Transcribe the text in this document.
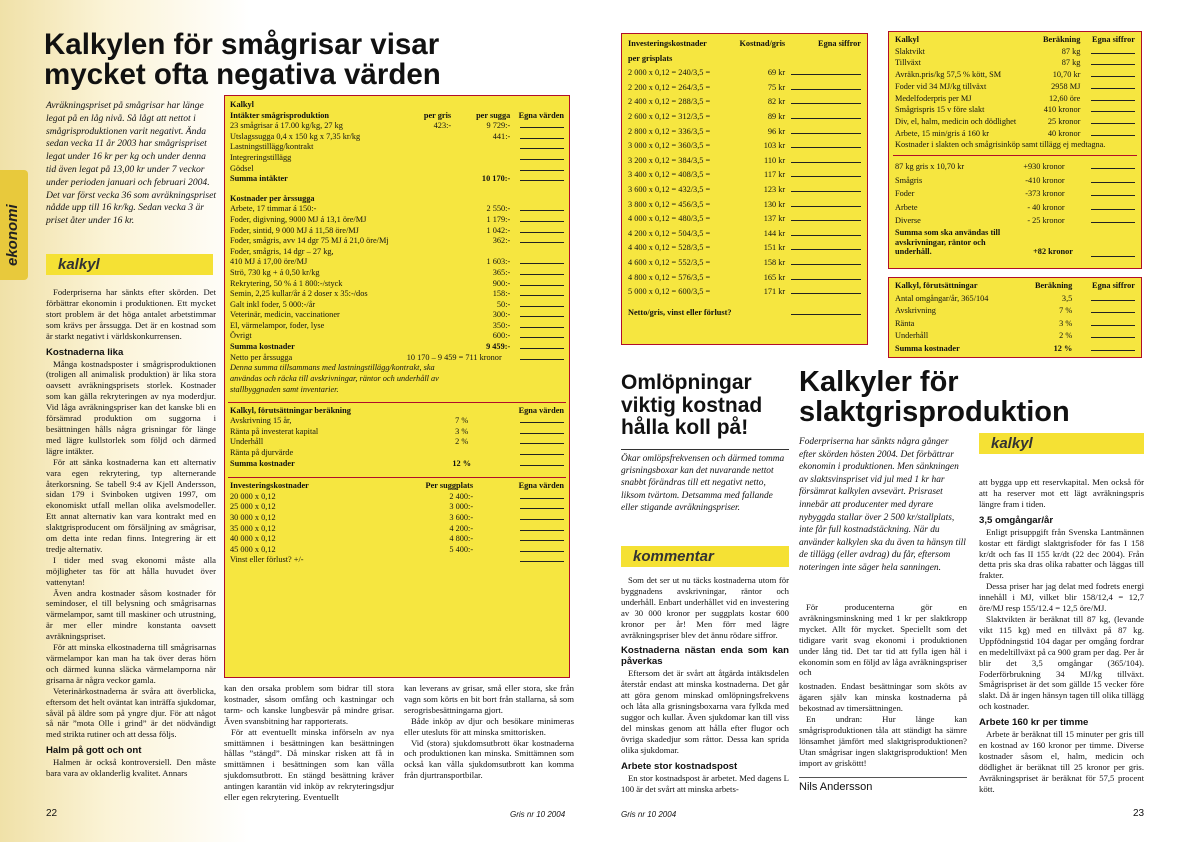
ekonomi
Kalkylen för smågrisar visar
mycket ofta negativa värden
Avräkningspriset på smågrisar har länge legat på en låg nivå. Så lågt att nettot i smågrisproduktionen varit negativt. Ända sedan vecka 11 år 2003 har smågrispriset legat under 16 kr per kg och under denna tid även legat på 13,00 kr under 7 veckor under perioden januari och februari 2004. Det var först vecka 36 som avräkningspriset nådde upp till 16 kr/kg. Sedan vecka 3 är priset åter under 16 kr.
kalkyl

Foderpriserna har sänkts efter skörden. Det förbättrar ekonomin i produktionen. Ett mycket stort problem är det höga antalet arbetstimmar som krävs per årssugga. Det är en kostnad som är starkt negativt i världskonkurrensen.

Kostnaderna lika

Många kostnadsposter i smågrisproduktionen (troligen all animalisk produktion) är lika stora oavsett avräkningsprisets storlek. Kostnader som kan gälla rekryteringen av nya moderdjur. Vid låga avräkningspriser kan det kanske bli en försämrad produktion om suggorna i besättningen hålls några grisningar för länge med lägre kullstorlek som följd och därmed lägre intäkter.

För att sänka kostnaderna kan ett alternativ vara egen rekrytering, typ alternerande återkorsning. Se tabell 9:4 av Kjell Andersson, sidan 179 i Svinboken utgiven 1997, om ekonomiskt utfall mellan olika avelsmodeller. Ett annat alternativ kan vara kontrakt med en slaktgrisproducent om försäljning av smågrisar, om detta inte redan finns. Integrering är ett tredje alternativ.

I tider med svag ekonomi måste alla möjligheter tas för att hålla huvudet över vattenytan!

Även andra kostnader såsom kostnader för semindoser, el till belysning och smågrisarnas värmelampor, samt till maskiner och utrustning, är mer eller mindre konstanta oavsett avräkningspriset.

För att minska elkostnaderna till smågrisarnas värmelampor kan man ha tak över deras hörn och därmed kunna släcka värmelamporna när grisarna är några veckor gamla.

Veterinärkostnaderna är svåra att överblicka, eftersom det helt oväntat kan inträffa sjukdomar, såväl på äldre som på yngre djur. För att något så när ”mota Olle i grind” är det nödvändigt med strikta rutiner och att dessa följs.

Halm på gott och ont

Halmen är också kontroversiell. Den måste bara vara av oklanderlig kvalitet. Annars

Kalkyl			
Intäkter smågrisproduktion	per gris	per sugga	Egna värden
23 smågrisar á 17.00 kg/kg, 27 kg	423:-	9 729:-	
Utslagssugga 0,4 x 150 kg x 7,35 kr/kg		441:-	
Lastningstillägg/kontrakt			
Integreringstillägg			
Gödsel			
Summa intäkter		10 170:-	

Kostnader per årssugga			
Arbete, 17 timmar á 150:-		2 550:-	
Foder, digivning, 9000 MJ á 13,1 öre/MJ		1 179:-	
Foder, sintid, 9 000 MJ á 11,58 öre/MJ		1 042:-	
Foder, smågris, avv 14 dgr 75 MJ á 21,0 öre/Mj		362:-	
Foder, smågris, 14 dgr – 27 kg,			
410 MJ á 17,00 öre/MJ		1 603:-	
Strö, 730 kg + á 0,50 kr/kg		365:-	
Rekrytering, 50 % á 1 800:-/styck		900:-	
Semin, 2,25 kullar/år á 2 doser x 35:-/dos		158:-	
Galt inkl foder, 5 000:-/år		50:-	
Veterinär, medicin, vaccinationer		300:-	
El, värmelampor, foder, lyse		350:-	
Övrigt		600:-	
Summa kostnader		9 459:-	
Netto per årssugga	10 170 – 9 459 = 711 kronor		
Denna summa tillsammans med lastningstillägg/kontrakt, ska användas och räcka till avskrivningar, räntor och underhåll av stallbyggnaden samt inventarier.
Kalkyl, förutsättningar beräkning		Egna värden
Avskrivning 15 år,	7 %	
Ränta på investerat kapital	3 %	
Underhåll	2 %	
Ränta på djurvärde		
Summa kostnader	12 %	
Investeringskostnader	Per suggplats	Egna värden
20 000 x 0,12	2 400:-	
25 000 x 0,12	3 000:-	
30 000 x 0,12	3 600:-	
35 000 x 0,12	4 200:-	
40 000 x 0,12	4 800:-	
45 000 x 0,12	5 400:-	
Vinst eller förlust? +/-		

kan den orsaka problem som bidrar till stora kostnader, såsom omfång och kastningar och tarm- och kanske lungbesvär på mindre grisar. Även svansbitning har rapporterats.

För att eventuellt minska införseln av nya smittämnen i besättningen kan besättningen hållas ”stängd”. Då minskar risken att få in smittämnen i besättningen som kan vålla sjukdomsutbrott. En stängd besättning kräver antingen karantän vid inköp av rekryteringsdjur eller egen rekrytering. Eventuellt

kan leverans av grisar, små eller stora, ske från vagn som körts en bit bort från stallarna, så som serogrisbesättningarna gjort.

Både inköp av djur och besökare minimeras eller utesluts för att minska smittorisken.

Vid (stora) sjukdomsutbrott ökar kostnaderna och produktionen kan minska. Smittämnen som också kan vålla sjukdomsutbrott kan komma från djurtransportbilar.

22	Gris nr 10 2004
Investeringskostnader	Kostnad/gris	Egna siffror
per grisplats		
2 000 x 0,12 = 240/3,5 =	69 kr	
2 200 x 0,12 = 264/3,5 =	75 kr	
2 400 x 0,12 = 288/3,5 =	82 kr	
2 600 x 0,12 = 312/3,5 =	89 kr	
2 800 x 0,12 = 336/3,5 =	96 kr	
3 000 x 0,12 = 360/3,5 =	103 kr	
3 200 x 0,12 = 384/3,5 =	110 kr	
3 400 x 0,12 = 408/3,5 =	117 kr	
3 600 x 0,12 = 432/3,5 =	123 kr	
3 800 x 0,12 = 456/3,5 =	130 kr	
4 000 x 0,12 = 480/3,5 =	137 kr	
4 200 x 0,12 = 504/3,5 =	144 kr	
4 400 x 0,12 = 528/3,5 =	151 kr	
4 600 x 0,12 = 552/3,5 =	158 kr	
4 800 x 0,12 = 576/3,5 =	165 kr	
5 000 x 0,12 = 600/3,5 =	171 kr	

Netto/gris, vinst eller förlust?		
Kalkyl	Beräkning	Egna siffror
Slaktvikt	87 kg	
Tillväxt	87 kg	
Avräkn.pris/kg 57,5 % kött, SM	10,70 kr	
Foder vid 34 MJ/kg tillväxt	2958 MJ	
Medelfoderpris per MJ	12,60 öre	
Smågrispris 15 v före slakt	410 kronor	
Div, el, halm, medicin och dödlighet	25 kronor	
Arbete, 15 min/gris á 160 kr	40 kronor	
Kostnader i slakten och smågrisinköp samt tillägg ej medtagna.		
87 kg gris x 10,70 kr	+930 kronor	
Smågris	-410 kronor	
Foder	-373 kronor	
Arbete	- 40 kronor	
Diverse	- 25 kronor	
Summa som ska användas till avskrivningar, räntor och underhåll.	+82 kronor
Kalkyl, förutsättningar	Beräkning	Egna siffror
Antal omgångar/år, 365/104	3,5	
Avskrivning	7 %	
Ränta	3 %	
Underhåll	2 %	
Summa kostnader	12 %	
Omlöpningar
viktig kostnad
hålla koll på!
Ökar omlöpsfrekvensen och därmed tomma grisningsboxar kan det nuvarande nettot snabbt förändras till ett negativt netto, liksom tvärtom. Detsamma med fallande eller stigande avräkningspriser.
kommentar

Som det ser ut nu täcks kostnaderna utom för byggnadens avskrivningar, räntor och underhåll. Enbart underhållet vid en investering av 30 000 kronor per suggplats kostar 600 kronor per år! Men förr med lägre avräkningspriser blev det ännu rödare siffror.

Kostnaderna nästan enda som kan påverkas

Eftersom det är svårt att åtgärda intäktsdelen återstår endast att minska kostnaderna. Det går att göra genom minskad omlöpningsfrekvens och låta alla grisningsboxarna vara fylkda med suggor och kullar. Även sjukdomar kan till viss del minskas genom att hålla efter flugor och övriga skadedjur som råttor. Dessa kan sprida olika sjukdomar.

Arbete stor kostnadspost

En stor kostnadspost är arbetet. Med dagens L 100 är det svårt att minska arbets-

Kalkyler för
slaktgrisproduktion
Foderpriserna har sänkts några gånger efter skörden hösten 2004. Det förbättrar ekonomin i produktionen. Men sänkningen av slaktsvinspriset vid jul med 1 kr har försämrat kalkylen avsevärt. Prisraset innebär att producenter med dyrare nybyggda stallar över 2 500 kr/stallplats, inte får full kostnadstäckning. När du använder kalkylen ska du även ta hänsyn till de tillägg (eller avdrag) du får, eftersom noteringen inte säger hela sanningen.

För producenterna gör en avräkningsminskning med 1 kr per slaktkropp mycket. Allt för mycket. Speciellt som det tidigare varit svag ekonomi i produktionen under lång tid. Det tar tid att fylla igen hål i ekonomin som en följd av låga avräkningspriser och

kostnaden. Endast besättningar som sköts av ägaren själv kan minska kostnaderna på bekostnad av timersättningen.

En undran: Hur länge kan smågrisproduktionen tåla att ständigt ha sämre lönsamhet jämfört med slaktgrisproduktionen? Utan smågrisar ingen slaktgrisproduktion! Men import av grisköttt!

Nils Andersson
kalkyl

att bygga upp ett reservkapital. Men också för att ha reserver mot ett lägt avräkningspris längre fram i tiden.

3,5 omgångar/år

Enligt prisuppgift från Svenska Lantmännen kostar ett färdigt slaktgrisfoder för fas I 158 kr/dt och fas II 155 kr/dt (22 dec 2004). Från detta pris ska dras olika rabatter och läggas till frakter.

Dessa priser har jag delat med fodrets energi innehåll i MJ, vilket blir 158/12,4 = 12,7 öre/MJ resp 155/12.4 = 12,5 öre/MJ.

Slaktvikten är beräknat till 87 kg, (levande vikt 115 kg) med en tillväxt på 87 kg. Uppfödningstid 104 dagar per omgång fordrar en medeltillväxt på ca 900 gram per dag. Per år blir det 3,5 omgångar (365/104). Foderförbrukning 34 MJ/kg tillväxt. Smågrispriset är det som gällde 15 vecker före slakt. Då är ingen hänsyn tagen till olika tillägg och kostnader.

Arbete 160 kr per timme

Arbete är beräknat till 15 minuter per gris till en kostnad av 160 kronor per timme. Diverse kostnader såsom el, halm, medicin och dödlighet är beräknat till 25 kronor per gris. Avräkningspriset är beräknat för 57,5 procent kött.

Gris nr 10 2004	23
